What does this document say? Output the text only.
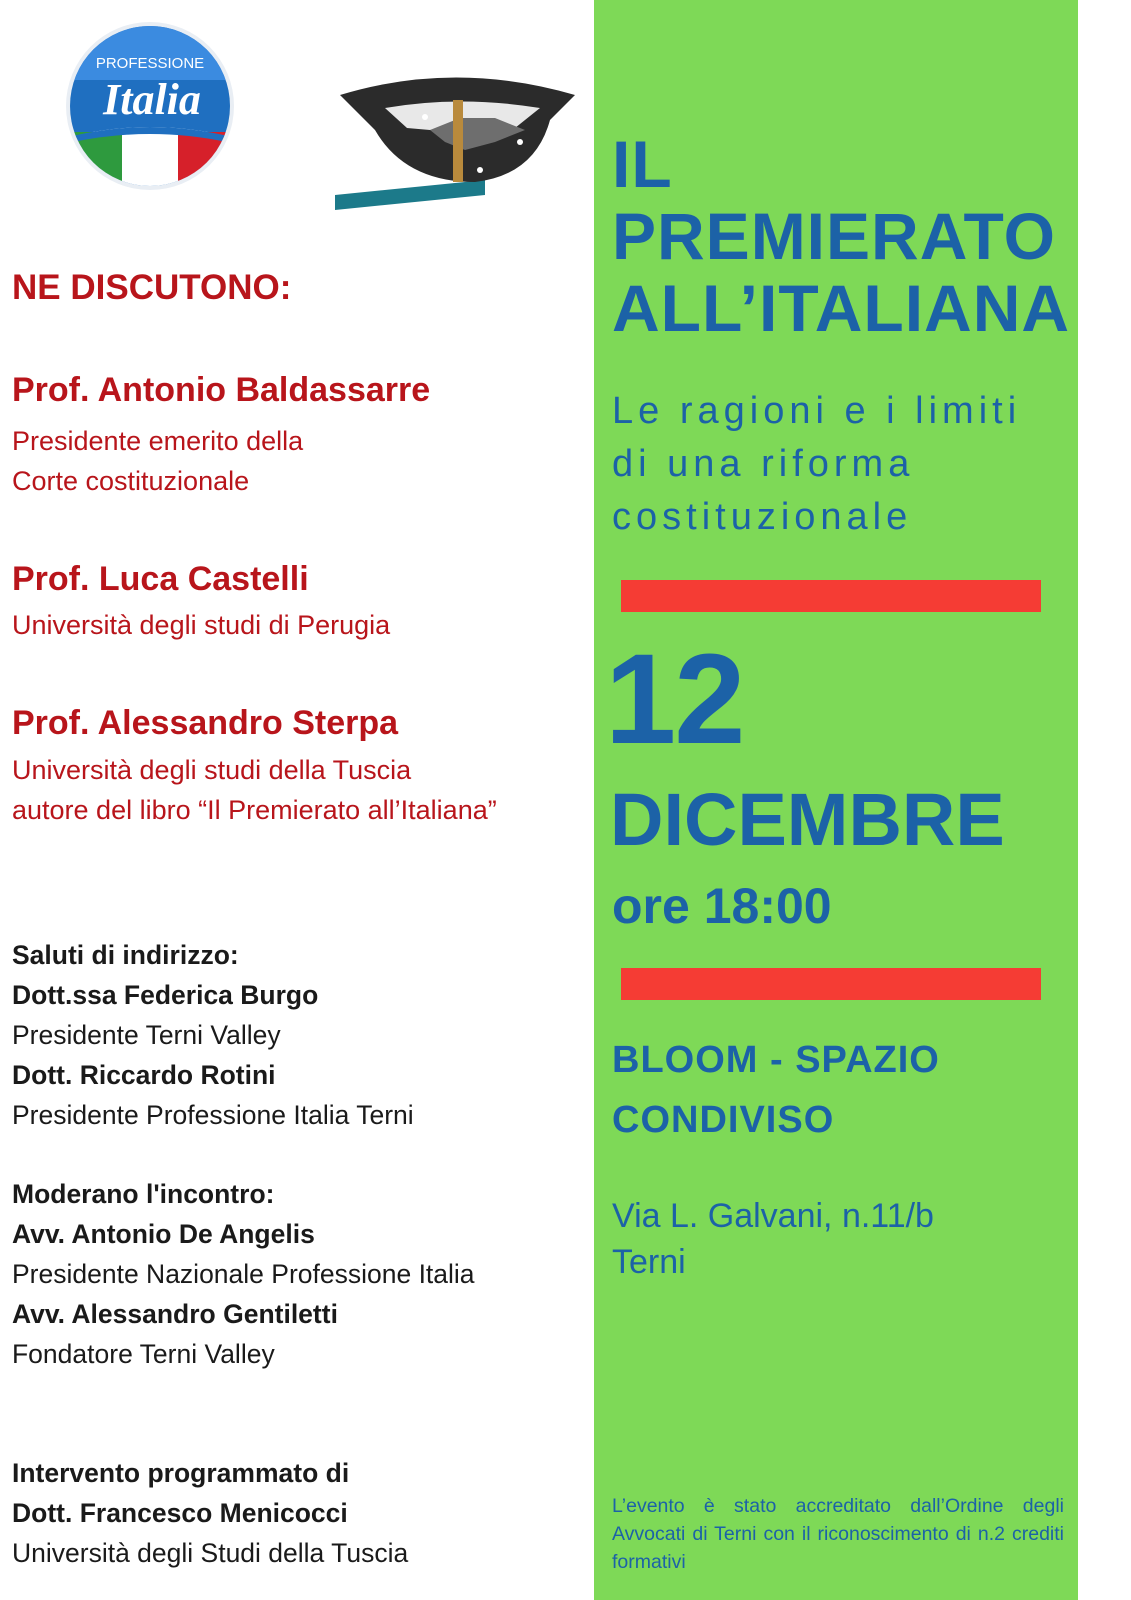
PROFESSIONE
Italia
NE DISCUTONO:
Prof. Antonio Baldassarre
Presidente emerito della
Corte costituzionale
Prof. Luca Castelli
Università degli studi di Perugia
Prof. Alessandro Sterpa
Università degli studi della Tuscia
autore del libro “Il Premierato all’Italiana”
Saluti di indirizzo:
Dott.ssa Federica Burgo
Presidente Terni Valley
Dott. Riccardo Rotini
Presidente Professione Italia Terni
Moderano l'incontro:
Avv. Antonio De Angelis
Presidente Nazionale Professione Italia
Avv. Alessandro Gentiletti
Fondatore Terni Valley
Intervento programmato di
Dott. Francesco Menicocci
Università degli Studi della Tuscia
IL
PREMIERATO
ALL’ITALIANA
Le ragioni e i limiti
di una riforma
costituzionale
12
DICEMBRE
ore 18:00
BLOOM - SPAZIO
CONDIVISO
Via L. Galvani, n.11/b
Terni
L’evento è stato accreditato dall’Ordine degli Avvocati di Terni con il riconoscimento di n.2 crediti formativi
